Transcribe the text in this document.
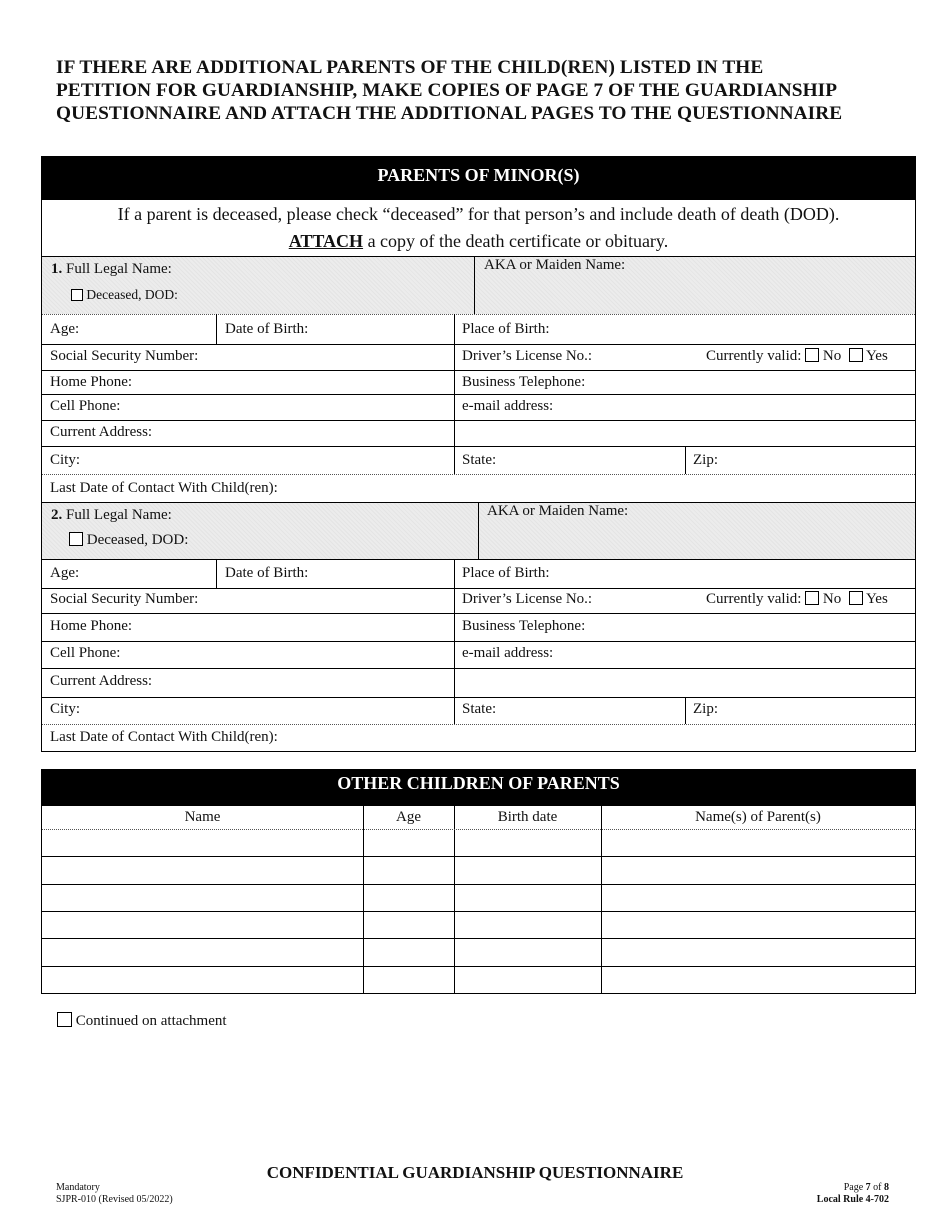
IF THERE ARE ADDITIONAL PARENTS OF THE CHILD(REN) LISTED IN THE
PETITION FOR GUARDIANSHIP, MAKE COPIES OF PAGE 7 OF THE GUARDIANSHIP
QUESTIONNAIRE AND ATTACH THE ADDITIONAL PAGES TO THE QUESTIONNAIRE
PARENTS OF MINOR(S)
If a parent is deceased, please check “deceased” for that person’s and include death of death (DOD).
ATTACH a copy of the death certificate or obituary.
1. Full Legal Name:
Deceased, DOD:
AKA or Maiden Name:
Age:	Date of Birth:	Place of Birth:
Social Security Number:	Driver’s License No.:	Currently valid: No Yes
Home Phone:	Business Telephone:
Cell Phone:	e-mail address:
Current Address:
City:	State:	Zip:
Last Date of Contact With Child(ren):
2. Full Legal Name:
Deceased, DOD:
AKA or Maiden Name:
Age:	Date of Birth:	Place of Birth:
Social Security Number:	Driver’s License No.:	Currently valid: No Yes
Home Phone:	Business Telephone:
Cell Phone:	e-mail address:
Current Address:
City:	State:	Zip:
Last Date of Contact With Child(ren):
OTHER CHILDREN OF PARENTS
Name	Age	Birth date	Name(s) of Parent(s)
Continued on attachment
CONFIDENTIAL GUARDIANSHIP QUESTIONNAIRE
Mandatory
SJPR-010 (Revised 05/2022)
Page 7 of 8
Local Rule 4-702
